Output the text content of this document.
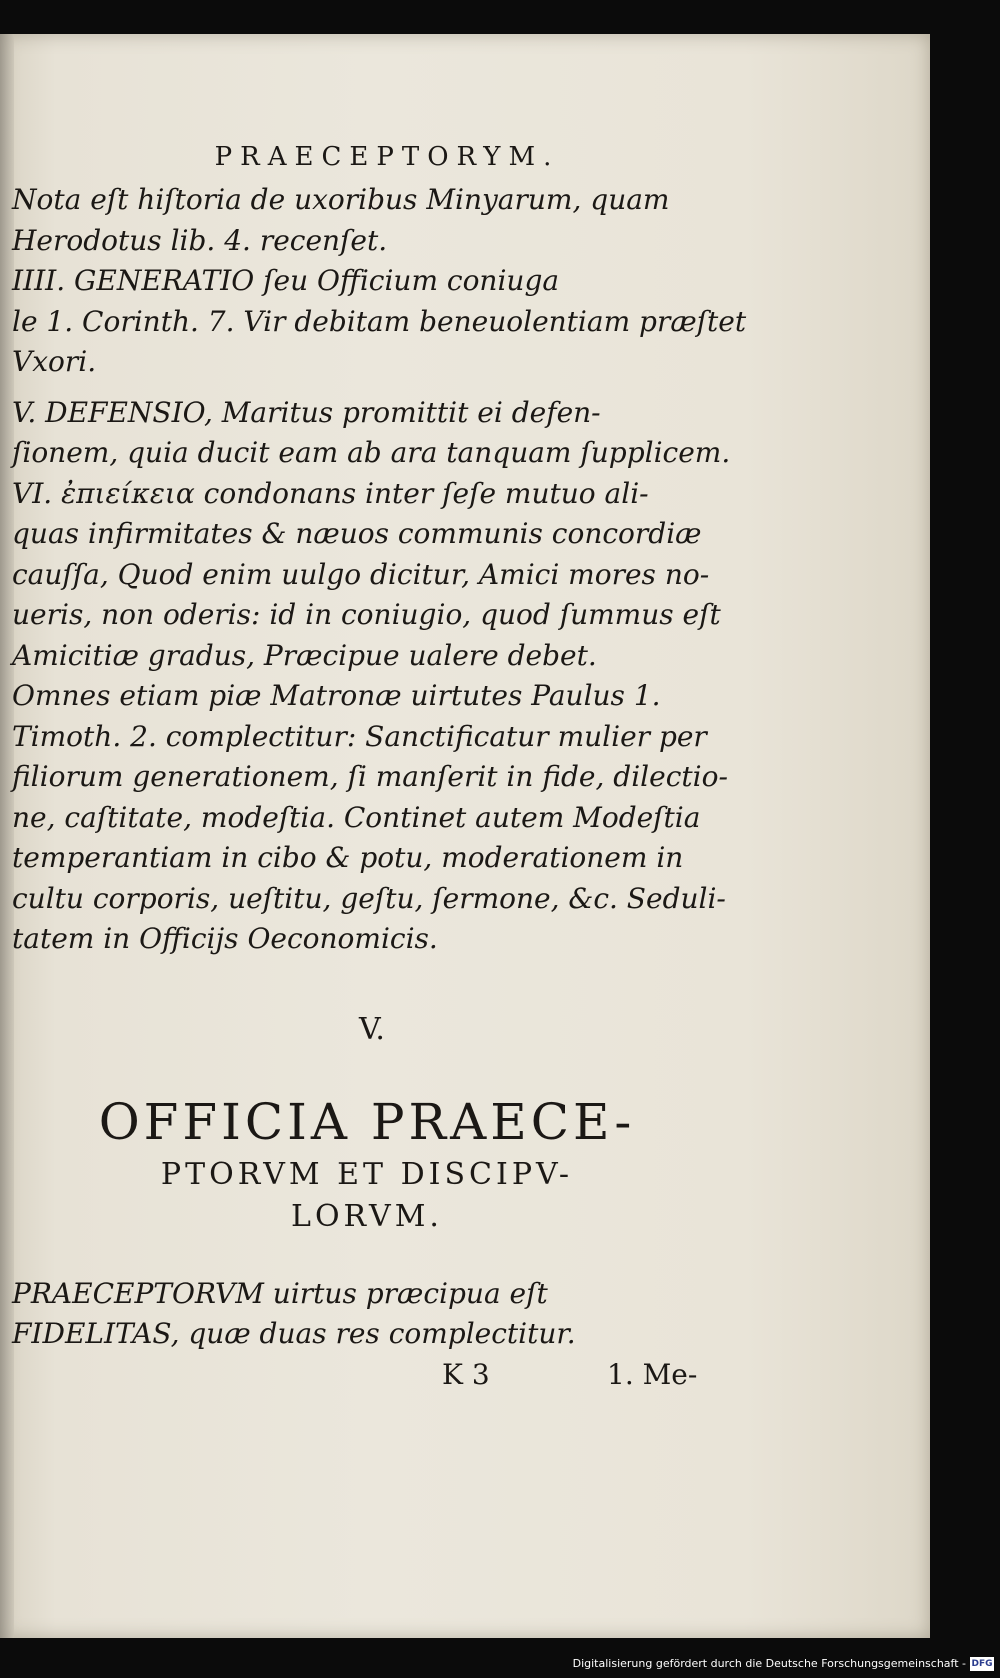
PRAECEPTORYM.
Nota eſt hiſtoria de uxoribus Minyarum, quam
Herodotus lib. 4. recenſet.
IIII. GENERATIO ſeu Officium coniuga
le 1. Corinth. 7. Vir debitam beneuolentiam præſtet
Vxori.
V. DEFENSIO, Maritus promittit ei defen-
ſionem, quia ducit eam ab ara tanquam ſupplicem.
VI. ἐπιείκεια condonans inter ſeſe mutuo ali-
quas infirmitates & næuos communis concordiæ
cauſſa, Quod enim uulgo dicitur, Amici mores no-
ueris, non oderis: id in coniugio, quod ſummus eſt
Amicitiæ gradus, Præcipue ualere debet.
Omnes etiam piæ Matronæ uirtutes Paulus 1.
Timoth. 2. complectitur: Sanctificatur mulier per
filiorum generationem, ſi manſerit in fide, dilectio-
ne, caſtitate, modeſtia. Continet autem Modeſtia
temperantiam in cibo & potu, moderationem in
cultu corporis, ueſtitu, geſtu, ſermone, &c. Seduli-
tatem in Officijs Oeconomicis.
V.
OFFICIA PRAECE-
PTORVM ET DISCIPV-
LORVM.
PRAECEPTORVM uirtus præcipua eſt
FIDELITAS, quæ duas res complectitur.
K 3	1. Me-
Digitalisierung gefördert durch die Deutsche Forschungsgemeinschaft - DFG
